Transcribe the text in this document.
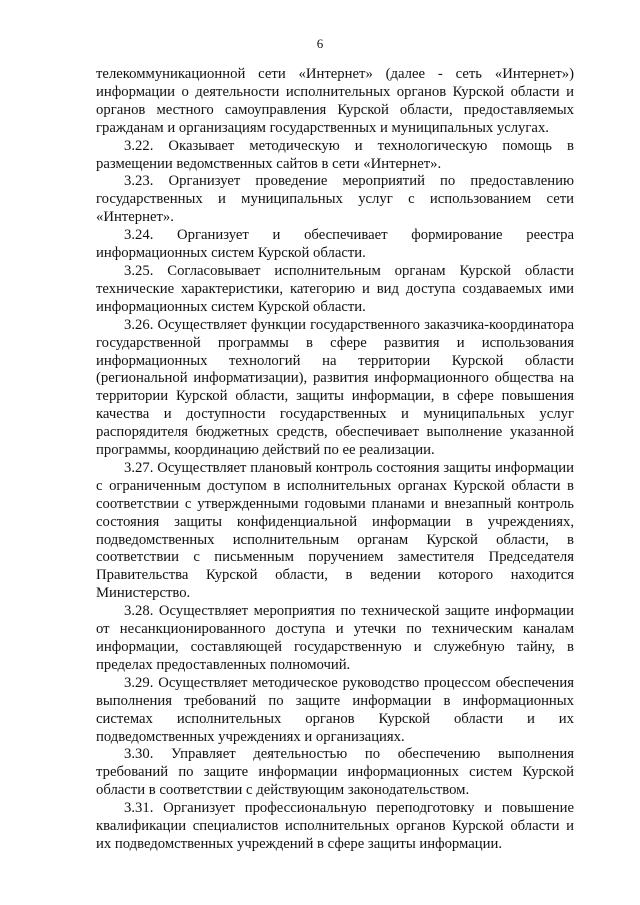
6

телекоммуникационной сети «Интернет» (далее - сеть «Интернет») информации о деятельности исполнительных органов Курской области и органов местного самоуправления Курской области, предоставляемых гражданам и организациям государственных и муниципальных услугах.

3.22. Оказывает методическую и технологическую помощь в размещении ведомственных сайтов в сети «Интернет».

3.23. Организует проведение мероприятий по предоставлению государственных и муниципальных услуг с использованием сети «Интернет».

3.24. Организует и обеспечивает формирование реестра информационных систем Курской области.

3.25. Согласовывает исполнительным органам Курской области технические характеристики, категорию и вид доступа создаваемых ими информационных систем Курской области.

3.26. Осуществляет функции государственного заказчика-координатора государственной программы в сфере развития и использования информационных технологий на территории Курской области (региональной информатизации), развития информационного общества на территории Курской области, защиты информации, в сфере повышения качества и доступности государственных и муниципальных услуг распорядителя бюджетных средств, обеспечивает выполнение указанной программы, координацию действий по ее реализации.

3.27. Осуществляет плановый контроль состояния защиты информации с ограниченным доступом в исполнительных органах Курской области в соответствии с утвержденными годовыми планами и внезапный контроль состояния защиты конфиденциальной информации в учреждениях, подведомственных исполнительным органам Курской области, в соответствии с письменным поручением заместителя Председателя Правительства Курской области, в ведении которого находится Министерство.

3.28. Осуществляет мероприятия по технической защите информации от несанкционированного доступа и утечки по техническим каналам информации, составляющей государственную и служебную тайну, в пределах предоставленных полномочий.

3.29. Осуществляет методическое руководство процессом обеспечения выполнения требований по защите информации в информационных системах исполнительных органов Курской области и их подведомственных учреждениях и организациях.

3.30. Управляет деятельностью по обеспечению выполнения требований по защите информации информационных систем Курской области в соответствии с действующим законодательством.

3.31. Организует профессиональную переподготовку и повышение квалификации специалистов исполнительных органов Курской области и их подведомственных учреждений в сфере защиты информации.
